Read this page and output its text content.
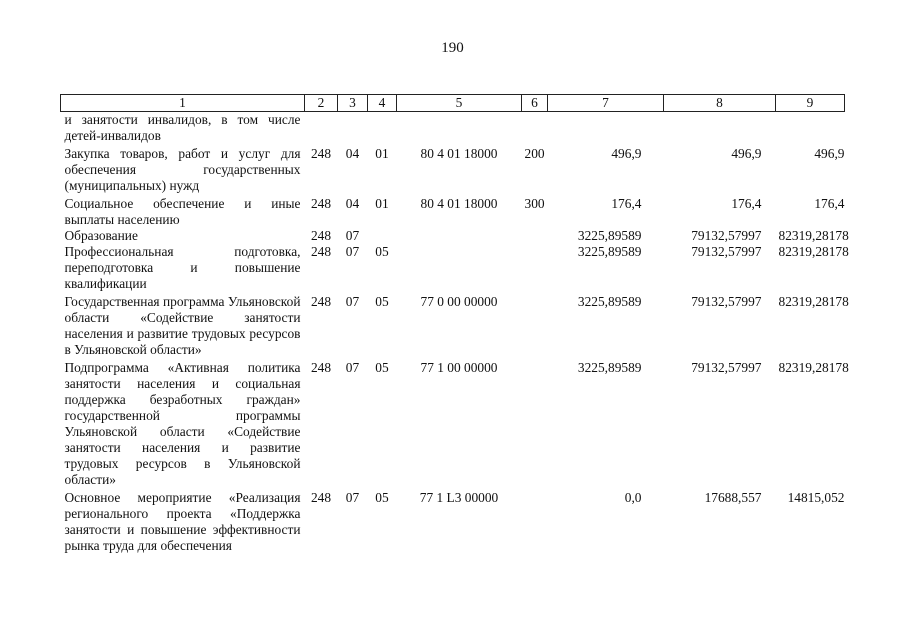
190
1	2	3	4	5	6	7	8	9
и занятости инвалидов, в том числе детей-инвалидов								
Закупка товаров, работ и услуг для обеспечения государственных (муниципальных) нужд	248	04	01	80 4 01 18000	200	496,9	496,9	496,9
Социальное обеспечение и иные выплаты населению	248	04	01	80 4 01 18000	300	176,4	176,4	176,4
Образование	248	07				3225,89589	79132,57997	82319,28178
Профессиональная подготовка, переподготовка и повышение квалификации	248	07	05			3225,89589	79132,57997	82319,28178
Государственная программа Ульяновской области «Содействие занятости населения и развитие трудовых ресурсов в Ульяновской области»	248	07	05	77 0 00 00000		3225,89589	79132,57997	82319,28178
Подпрограмма «Активная политика занятости населения и социальная поддержка безработных граждан» государственной программы Ульяновской области «Содействие занятости населения и развитие трудовых ресурсов в Ульяновской области»	248	07	05	77 1 00 00000		3225,89589	79132,57997	82319,28178
Основное мероприятие «Реализация регионального проекта «Поддержка занятости и повышение эффективности рынка труда для обеспечения	248	07	05	77 1 L3 00000		0,0	17688,557	14815,052
